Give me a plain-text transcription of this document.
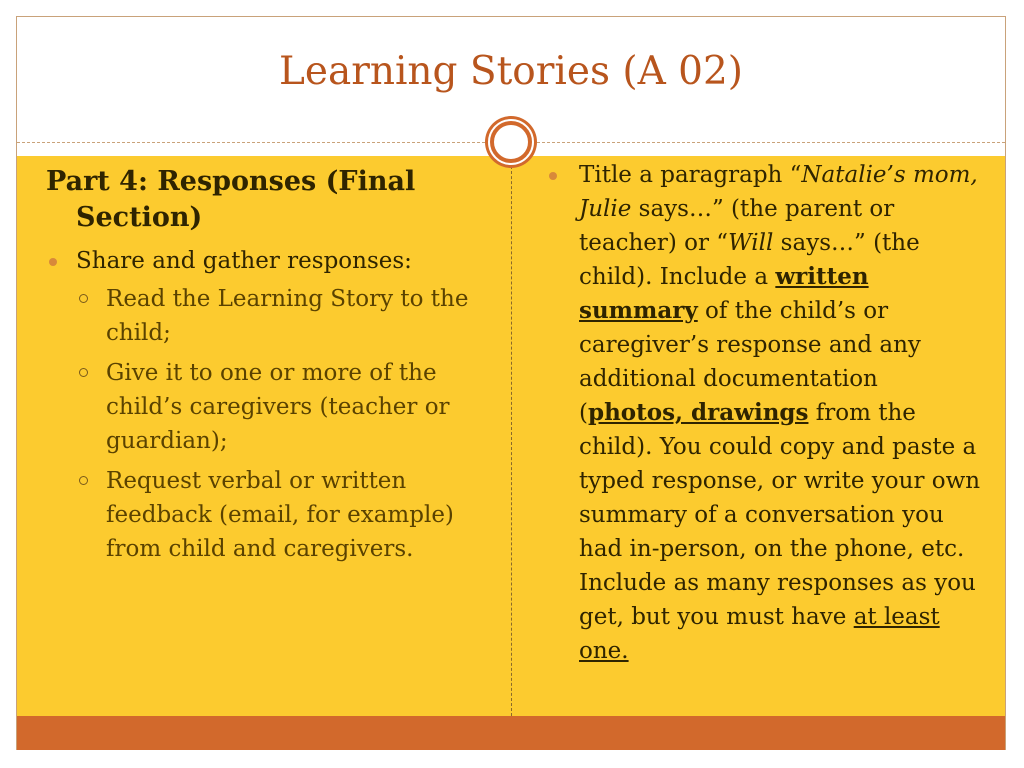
Learning Stories (A 02)

Part 4: Responses (Final Section)

Share and gather responses:
Read the Learning Story to the child;
Give it to one or more of the child’s caregivers (teacher or guardian);
Request verbal or written feedback (email, for example) from child and caregivers.

Title a paragraph “Natalie’s mom, Julie says…” (the parent or teacher) or “Will says…” (the child). Include a written summary of the child’s or caregiver’s response and any additional documentation (photos, drawings from the child). You could copy and paste a typed response, or write your own summary of a conversation you had in-person, on the phone, etc. Include as many responses as you get, but you must have at least one.
